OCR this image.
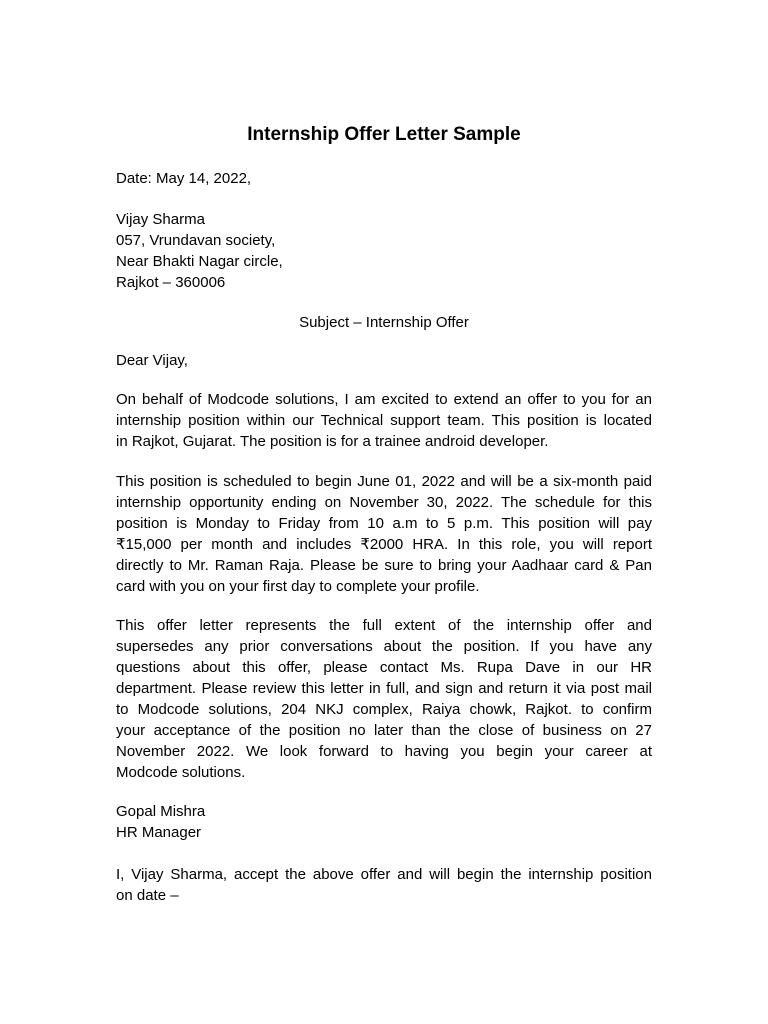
Internship Offer Letter Sample
Date: May 14, 2022,
Vijay Sharma
057, Vrundavan society,
Near Bhakti Nagar circle,
Rajkot – 360006
Subject – Internship Offer
Dear Vijay,
On behalf of Modcode solutions, I am excited to extend an offer to you for an
internship position within our Technical support team. This position is located
in Rajkot, Gujarat. The position is for a trainee android developer.
This position is scheduled to begin June 01, 2022 and will be a six-month paid
internship opportunity ending on November 30, 2022. The schedule for this
position is Monday to Friday from 10 a.m to 5 p.m. This position will pay
₹15,000 per month and includes ₹2000 HRA. In this role, you will report
directly to Mr. Raman Raja. Please be sure to bring your Aadhaar card & Pan
card with you on your first day to complete your profile.
This offer letter represents the full extent of the internship offer and
supersedes any prior conversations about the position. If you have any
questions about this offer, please contact Ms. Rupa Dave in our HR
department. Please review this letter in full, and sign and return it via post mail
to Modcode solutions, 204 NKJ complex, Raiya chowk, Rajkot. to confirm
your acceptance of the position no later than the close of business on 27
November 2022. We look forward to having you begin your career at
Modcode solutions.
Gopal Mishra
HR Manager
I, Vijay Sharma, accept the above offer and will begin the internship position
on date –
